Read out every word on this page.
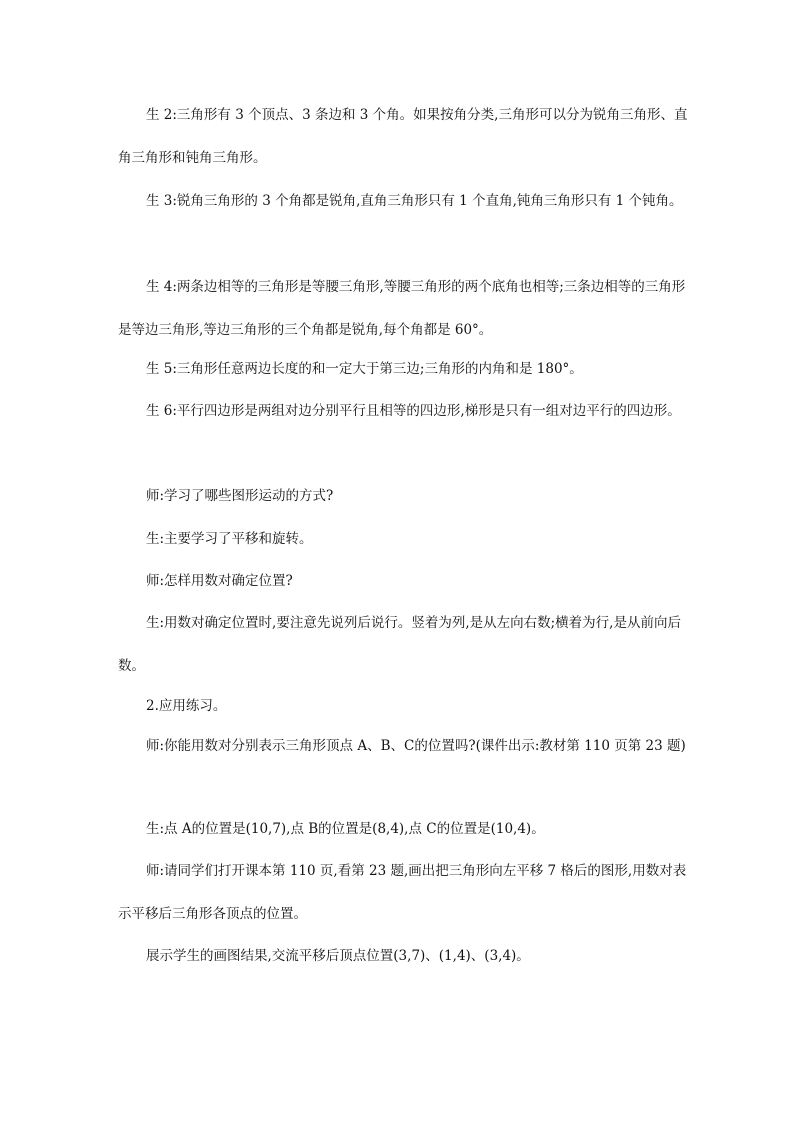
生 2:三角形有 3 个顶点、3 条边和 3 个角。如果按角分类,三角形可以分为锐角三角形、直角三角形和钝角三角形。

生 3:锐角三角形的 3 个角都是锐角,直角三角形只有 1 个直角,钝角三角形只有 1 个钝角。

生 4:两条边相等的三角形是等腰三角形,等腰三角形的两个底角也相等;三条边相等的三角形是等边三角形,等边三角形的三个角都是锐角,每个角都是 60°。

生 5:三角形任意两边长度的和一定大于第三边;三角形的内角和是 180°。

生 6:平行四边形是两组对边分别平行且相等的四边形,梯形是只有一组对边平行的四边形。

师:学习了哪些图形运动的方式?

生:主要学习了平移和旋转。

师:怎样用数对确定位置?

生:用数对确定位置时,要注意先说列后说行。竖着为列,是从左向右数;横着为行,是从前向后数。

2.应用练习。

师:你能用数对分别表示三角形顶点 A、B、C的位置吗?(课件出示:教材第 110 页第 23 题)

生:点 A的位置是(10,7),点 B的位置是(8,4),点 C的位置是(10,4)。

师:请同学们打开课本第 110 页,看第 23 题,画出把三角形向左平移 7 格后的图形,用数对表示平移后三角形各顶点的位置。

展示学生的画图结果,交流平移后顶点位置(3,7)、(1,4)、(3,4)。
